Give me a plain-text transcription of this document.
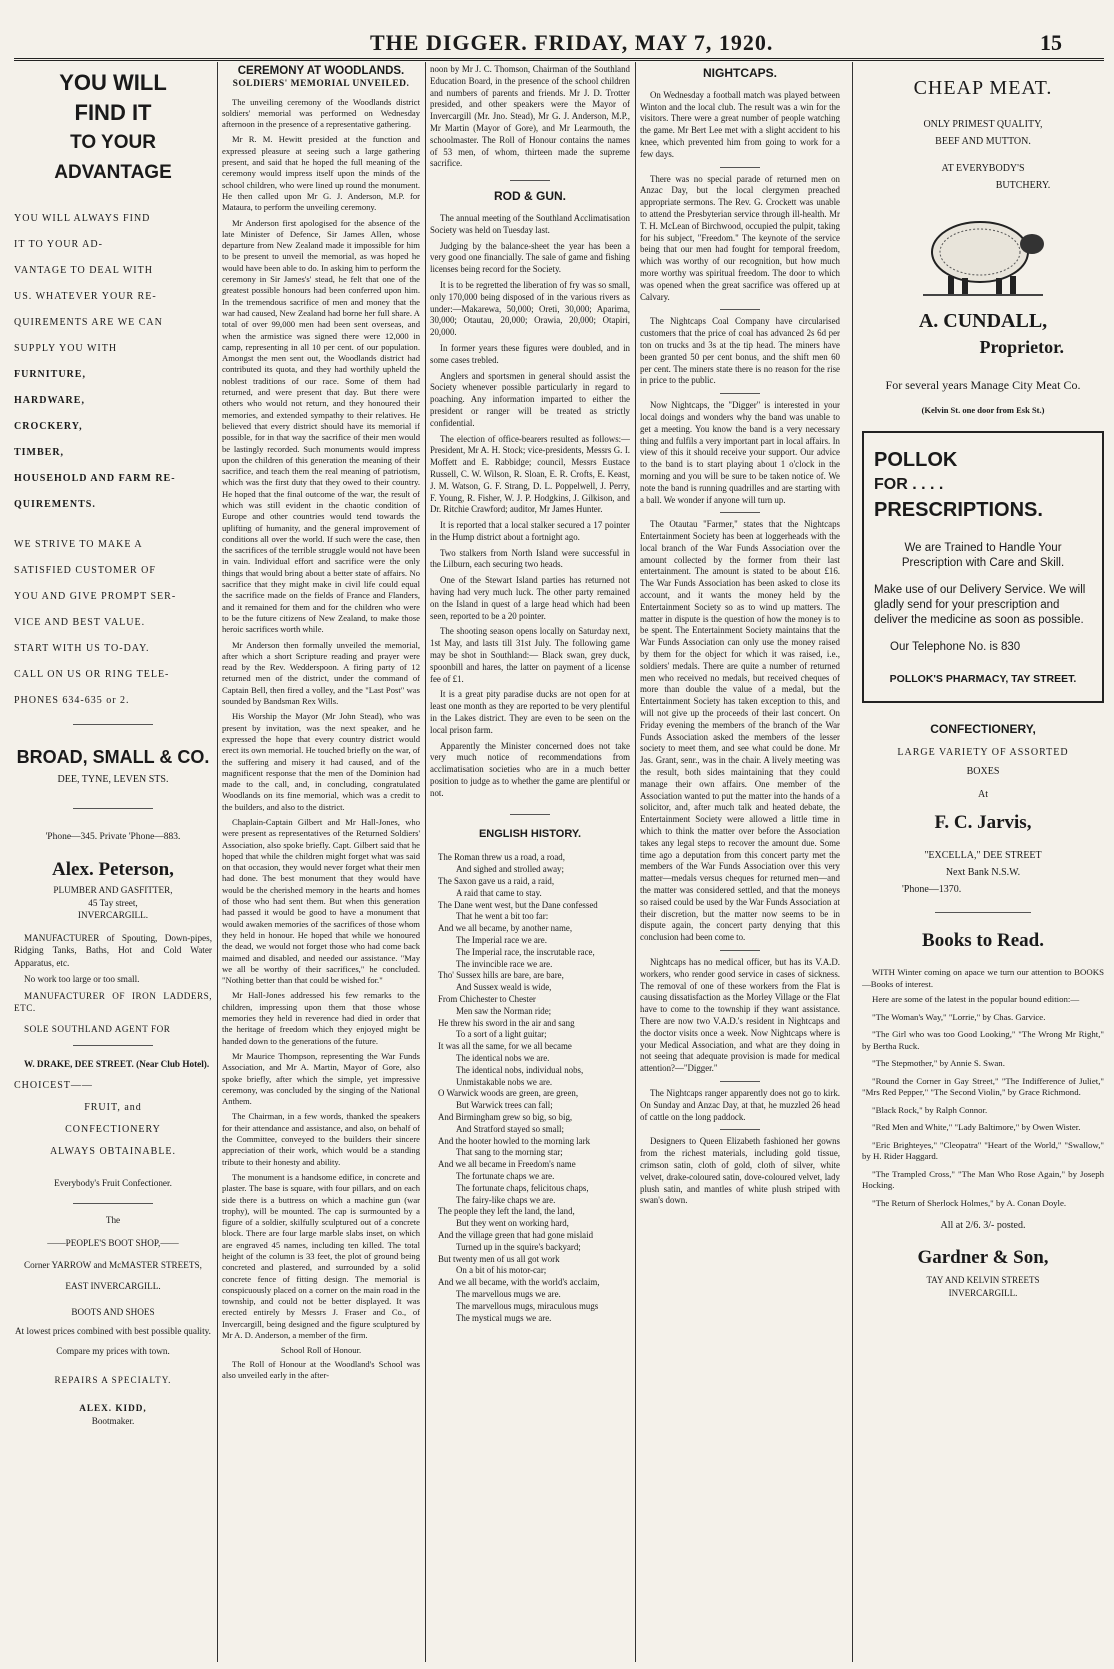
THE DIGGER. FRIDAY, MAY 7, 1920.	15
YOU WILL
FIND IT
TO YOUR ADVANTAGE
YOU WILL ALWAYS FIND
IT TO YOUR AD-
VANTAGE TO DEAL WITH
US. WHATEVER YOUR RE-
QUIREMENTS ARE WE CAN
SUPPLY YOU WITH
FURNITURE,
HARDWARE,
CROCKERY,
TIMBER,
HOUSEHOLD AND FARM RE-
QUIREMENTS.
WE STRIVE TO MAKE A
SATISFIED CUSTOMER OF
YOU AND GIVE PROMPT SER-
VICE AND BEST VALUE.
START WITH US TO-DAY.
CALL ON US OR RING TELE-
PHONES 634-635 or 2.
BROAD, SMALL & CO.
DEE, TYNE, LEVEN STS.
'Phone—345. Private 'Phone—883.
Alex. Peterson,
PLUMBER AND GASFITTER,
45 Tay street,
INVERCARGILL.

MANUFACTURER of Spouting, Down-pipes, Ridging Tanks, Baths, Hot and Cold Water Apparatus, etc.

No work too large or too small.

MANUFACTURER OF IRON LADDERS, ETC.

SOLE SOUTHLAND AGENT FOR

W. DRAKE, DEE STREET. (Near Club Hotel).

CHOICEST——
FRUIT, and
CONFECTIONERY
ALWAYS OBTAINABLE.
Everybody's Fruit Confectioner.
The
——PEOPLE'S BOOT SHOP,——
Corner YARROW and McMASTER STREETS,
EAST INVERCARGILL.
BOOTS AND SHOES

At lowest prices combined with best possible quality.

Compare my prices with town.
REPAIRS A SPECIALTY.
ALEX. KIDD,
Bootmaker.
CEREMONY AT WOODLANDS.
SOLDIERS' MEMORIAL UNVEILED.

The unveiling ceremony of the Woodlands district soldiers' memorial was performed on Wednesday afternoon in the presence of a representative gathering.

Mr R. M. Hewitt presided at the function and expressed pleasure at seeing such a large gathering present, and said that he hoped the full meaning of the ceremony would impress itself upon the minds of the school children, who were lined up round the monument. He then called upon Mr G. J. Anderson, M.P. for Mataura, to perform the unveiling ceremony.

Mr Anderson first apologised for the absence of the late Minister of Defence, Sir James Allen, whose departure from New Zealand made it impossible for him to be present to unveil the memorial, as was hoped he would have been able to do. In asking him to perform the ceremony in Sir James's' stead, he felt that one of the greatest possible honours had been conferred upon him. In the tremendous sacrifice of men and money that the war had caused, New Zealand had borne her full share. A total of over 99,000 men had been sent overseas, and when the armistice was signed there were 12,000 in camp, representing in all 10 per cent. of our population. Amongst the men sent out, the Woodlands district had contributed its quota, and they had worthily upheld the noblest traditions of our race. Some of them had returned, and were present that day. But there were others who would not return, and they honoured their memories, and extended sympathy to their relatives. He believed that every district should have its memorial if possible, for in that way the sacrifice of their men would be lastingly recorded. Such monuments would impress upon the children of this generation the meaning of their sacrifice, and teach them the real meaning of patriotism, which was the first duty that they owed to their country. He hoped that the final outcome of the war, the result of which was still evident in the chaotic condition of Europe and other countries would tend towards the uplifting of humanity, and the general improvement of conditions all over the world. If such were the case, then the sacrifices of the terrible struggle would not have been in vain. Individual effort and sacrifice were the only things that would bring about a better state of affairs. No sacrifice that they might make in civil life could equal the sacrifice made on the fields of France and Flanders, and it remained for them and for the children who were to be the future citizens of New Zealand, to make those heroic sacrifices worth while.

Mr Anderson then formally unveiled the memorial, after which a short Scripture reading and prayer were read by the Rev. Wedderspoon. A firing party of 12 returned men of the district, under the command of Captain Bell, then fired a volley, and the "Last Post" was sounded by Bandsman Rex Wills.

His Worship the Mayor (Mr John Stead), who was present by invitation, was the next speaker, and he expressed the hope that every country district would erect its own memorial. He touched briefly on the war, of the suffering and misery it had caused, and of the magnificent response that the men of the Dominion had made to the call, and, in concluding, congratulated Woodlands on its fine memorial, which was a credit to the builders, and also to the district.

Chaplain-Captain Gilbert and Mr Hall-Jones, who were present as representatives of the Returned Soldiers' Association, also spoke briefly. Capt. Gilbert said that he hoped that while the children might forget what was said on that occasion, they would never forget what their men had done. The best monument that they would have would be the cherished memory in the hearts and homes of those who had sent them. But when this generation had passed it would be good to have a monument that would awaken memories of the sacrifices of those whom they held in honour. He hoped that while we honoured the dead, we would not forget those who had come back maimed and disabled, and needed our assistance. "May we all be worthy of their sacrifices," he concluded. "Nothing better than that could be wished for."

Mr Hall-Jones addressed his few remarks to the children, impressing upon them that those whose memories they held in reverence had died in order that the heritage of freedom which they enjoyed might be handed down to the generations of the future.

Mr Maurice Thompson, representing the War Funds Association, and Mr A. Martin, Mayor of Gore, also spoke briefly, after which the simple, yet impressive ceremony, was concluded by the singing of the National Anthem.

The Chairman, in a few words, thanked the speakers for their attendance and assistance, and also, on behalf of the Committee, conveyed to the builders their sincere appreciation of their work, which would be a standing tribute to their honesty and ability.

The monument is a handsome edifice, in concrete and plaster. The base is square, with four pillars, and on each side there is a buttress on which a machine gun (war trophy), will be mounted. The cap is surmounted by a figure of a soldier, skilfully sculptured out of a concrete block. There are four large marble slabs inset, on which are engraved 45 names, including ten killed. The total height of the column is 33 feet, the plot of ground being concreted and plastered, and surrounded by a solid concrete fence of fitting design. The memorial is conspicuously placed on a corner on the main road in the township, and could not be better displayed. It was erected entirely by Messrs J. Fraser and Co., of Invercargill, being designed and the figure sculptured by Mr A. D. Anderson, a member of the firm.

School Roll of Honour.

The Roll of Honour at the Woodland's School was also unveiled early in the after-

noon by Mr J. C. Thomson, Chairman of the Southland Education Board, in the presence of the school children and numbers of parents and friends. Mr J. D. Trotter presided, and other speakers were the Mayor of Invercargill (Mr. Jno. Stead), Mr G. J. Anderson, M.P., Mr Martin (Mayor of Gore), and Mr Learmouth, the schoolmaster. The Roll of Honour contains the names of 53 men, of whom, thirteen made the supreme sacrifice.

ROD & GUN.

The annual meeting of the Southland Acclimatisation Society was held on Tuesday last.

Judging by the balance-sheet the year has been a very good one financially. The sale of game and fishing licenses being record for the Society.

It is to be regretted the liberation of fry was so small, only 170,000 being disposed of in the various rivers as under:—Makarewa, 50,000; Oreti, 30,000; Aparima, 30,000; Otautau, 20,000; Orawia, 20,000; Otapiri, 20,000.

In former years these figures were doubled, and in some cases trebled.

Anglers and sportsmen in general should assist the Society whenever possible particularly in regard to poaching. Any information imparted to either the president or ranger will be treated as strictly confidential.

The election of office-bearers resulted as follows:—President, Mr A. H. Stock; vice-presidents, Messrs G. I. Moffett and E. Rabbidge; council, Messrs Eustace Russell, C. W. Wilson, R. Sloan, E. R. Crofts, E. Keast, J. M. Watson, G. F. Strang, D. L. Poppelwell, J. Perry, F. Young, R. Fisher, W. J. P. Hodgkins, J. Gilkison, and Dr. Ritchie Crawford; auditor, Mr James Hunter.

It is reported that a local stalker secured a 17 pointer in the Hump district about a fortnight ago.

Two stalkers from North Island were successful in the Lilburn, each securing two heads.

One of the Stewart Island parties has returned not having had very much luck. The other party remained on the Island in quest of a large head which had been seen, reported to be a 20 pointer.

The shooting season opens locally on Saturday next, 1st May, and lasts till 31st July. The following game may be shot in Southland:— Black swan, grey duck, spoonbill and hares, the latter on payment of a license fee of £1.

It is a great pity paradise ducks are not open for at least one month as they are reported to be very plentiful in the Lakes district. They are even to be seen on the local prison farm.

Apparently the Minister concerned does not take very much notice of recommendations from acclimatisation societies who are in a much better position to judge as to whether the game are plentiful or not.

ENGLISH HISTORY.

The Roman threw us a road, a road,

And sighed and strolled away;

The Saxon gave us a raid, a raid,

A raid that came to stay.

The Dane went west, but the Dane confessed

That he went a bit too far:

And we all became, by another name,

The Imperial race we are.

The Imperial race, the inscrutable race,

The invincible race we are.

Tho' Sussex hills are bare, are bare,

And Sussex weald is wide,

From Chichester to Chester

Men saw the Norman ride;

He threw his sword in the air and sang

To a sort of a light guitar;

It was all the same, for we all became

The identical nobs we are.

The identical nobs, individual nobs,

Unmistakable nobs we are.

O Warwick woods are green, are green,

But Warwick trees can fall;

And Birmingham grew so big, so big,

And Stratford stayed so small;

And the hooter howled to the morning lark

That sang to the morning star;

And we all became in Freedom's name

The fortunate chaps we are.

The fortunate chaps, felicitous chaps,

The fairy-like chaps we are.

The people they left the land, the land,

But they went on working hard,

And the village green that had gone mislaid

Turned up in the squire's backyard;

But twenty men of us all got work

On a bit of his motor-car;

And we all became, with the world's acclaim,

The marvellous mugs we are.

The marvellous mugs, miraculous mugs

The mystical mugs we are.

NIGHTCAPS.

On Wednesday a football match was played between Winton and the local club. The result was a win for the visitors. There were a great number of people watching the game. Mr Bert Lee met with a slight accident to his knee, which prevented him from going to work for a few days.

There was no special parade of returned men on Anzac Day, but the local clergymen preached appropriate sermons. The Rev. G. Crockett was unable to attend the Presbyterian service through ill-health. Mr T. H. McLean of Birchwood, occupied the pulpit, taking for his subject, "Freedom." The keynote of the service being that our men had fought for temporal freedom, which was worthy of our recognition, but how much more worthy was spiritual freedom. The door to which was opened when the great sacrifice was offered up at Calvary.

The Nightcaps Coal Company have circularised customers that the price of coal has advanced 2s 6d per ton on trucks and 3s at the tip head. The miners have been granted 50 per cent bonus, and the shift men 60 per cent. The miners state there is no reason for the rise in price to the public.

Now Nightcaps, the "Digger" is interested in your local doings and wonders why the band was unable to get a meeting. You know the band is a very necessary thing and fulfils a very important part in local affairs. In view of this it should receive your support. Our advice to the band is to start playing about 1 o'clock in the morning and you will be sure to be taken notice of. We note the band is running quadrilles and are starting with a ball. We wonder if anyone will turn up.

The Otautau "Farmer," states that the Nightcaps Entertainment Society has been at loggerheads with the local branch of the War Funds Association over the amount collected by the former from their last entertainment. The amount is stated to be about £16. The War Funds Association has been asked to close its account, and it wants the money held by the Entertainment Society so as to wind up matters. The matter in dispute is the question of how the money is to be spent. The Entertainment Society maintains that the War Funds Association can only use the money raised by them for the object for which it was raised, i.e., soldiers' medals. There are quite a number of returned men who received no medals, but received cheques of more than double the value of a medal, but the Entertainment Society has taken exception to this, and will not give up the proceeds of their last concert. On Friday evening the members of the branch of the War Funds Association asked the members of the lesser society to meet them, and see what could be done. Mr Jas. Grant, senr., was in the chair. A lively meeting was the result, both sides maintaining that they could manage their own affairs. One member of the Association wanted to put the matter into the hands of a solicitor, and, after much talk and heated debate, the Entertainment Society were allowed a little time in which to think the matter over before the Association takes any legal steps to recover the amount due. Some time ago a deputation from this concert party met the members of the War Funds Association over this very matter—medals versus cheques for returned men—and the matter was considered settled, and that the moneys so raised could be used by the War Funds Association at their discretion, but the matter now seems to be in dispute again, the concert party denying that this conclusion had been come to.

Nightcaps has no medical officer, but has its V.A.D. workers, who render good service in cases of sickness. The removal of one of these workers from the Flat is causing dissatisfaction as the Morley Village or the Flat have to come to the township if they want assistance. There are now two V.A.D.'s resident in Nightcaps and the doctor visits once a week. Now Nightcaps where is your Medical Association, and what are they doing in not seeing that adequate provision is made for medical attention?—"Digger."

The Nightcaps ranger apparently does not go to kirk. On Sunday and Anzac Day, at that, he muzzled 26 head of cattle on the long paddock.

Designers to Queen Elizabeth fashioned her gowns from the richest materials, including gold tissue, crimson satin, cloth of gold, cloth of silver, white velvet, drake-coloured satin, dove-coloured velvet, lady plush satin, and mantles of white plush striped with swan's down.

CHEAP MEAT.
ONLY PRIMEST QUALITY,
BEEF AND MUTTON.
AT EVERYBODY'S
BUTCHERY.
A. CUNDALL,
Proprietor.
For several years Manage City Meat Co.
(Kelvin St. one door from Esk St.)
POLLOK
FOR . . . .
PRESCRIPTIONS.

We are Trained to Handle Your Prescription with Care and Skill.

Make use of our Delivery Service. We will gladly send for your prescription and deliver the medicine as soon as possible.

Our Telephone No. is 830

POLLOK'S PHARMACY, TAY STREET.
CONFECTIONERY,
LARGE VARIETY OF ASSORTED
BOXES
At
F. C. Jarvis,
"EXCELLA," DEE STREET
Next Bank N.S.W.
'Phone—1370.
Books to Read.

WITH Winter coming on apace we turn our attention to BOOKS—Books of interest.

Here are some of the latest in the popular bound edition:—

"The Woman's Way," "Lorrie," by Chas. Garvice.

"The Girl who was too Good Looking," "The Wrong Mr Right," by Bertha Ruck.

"The Stepmother," by Annie S. Swan.

"Round the Corner in Gay Street," "The Indifference of Juliet," "Mrs Red Pepper," "The Second Violin," by Grace Richmond.

"Black Rock," by Ralph Connor.

"Red Men and White," "Lady Baltimore," by Owen Wister.

"Eric Brighteyes," "Cleopatra" "Heart of the World," "Swallow," by H. Rider Haggard.

"The Trampled Cross," "The Man Who Rose Again," by Joseph Hocking.

"The Return of Sherlock Holmes," by A. Conan Doyle.

All at 2/6. 3/- posted.
Gardner & Son,
TAY AND KELVIN STREETS
INVERCARGILL.
